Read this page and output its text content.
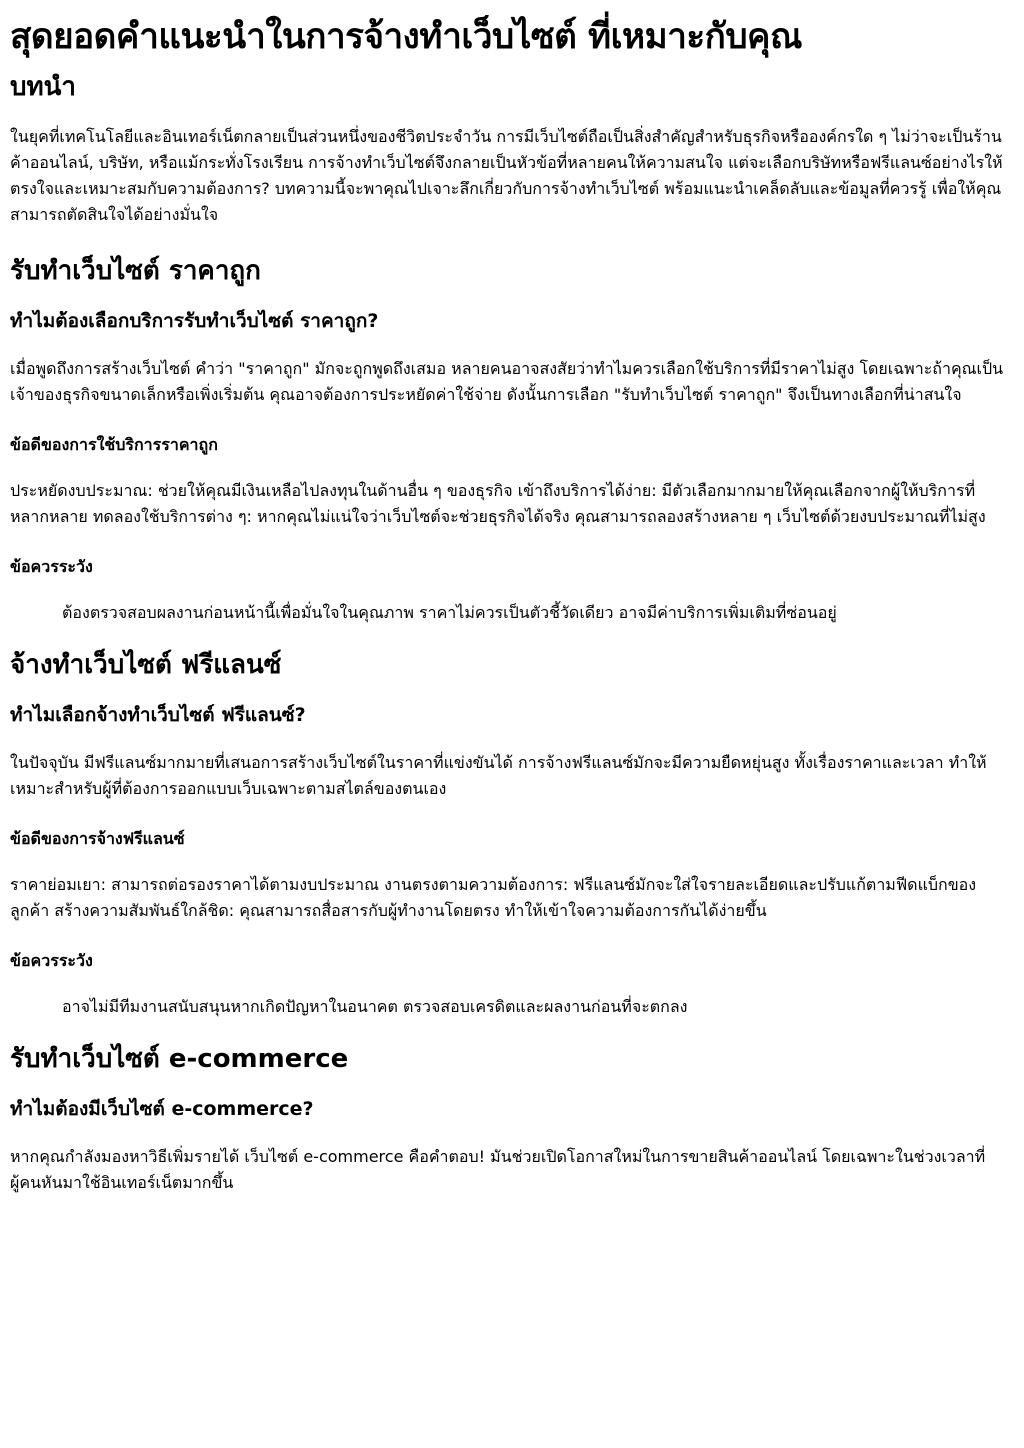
สุดยอดคำแนะนำในการจ้างทำเว็บไซต์ ที่เหมาะกับคุณ
บทนำ

ในยุคที่เทคโนโลยีและอินเทอร์เน็ตกลายเป็นส่วนหนึ่งของชีวิตประจำวัน การมีเว็บไซต์ถือเป็นสิ่งสำคัญสำหรับธุรกิจหรือองค์กรใด ๆ ไม่ว่าจะเป็นร้านค้าออนไลน์, บริษัท, หรือแม้กระทั่งโรงเรียน การจ้างทำเว็บไซต์จึงกลายเป็นหัวข้อที่หลายคนให้ความสนใจ แต่จะเลือกบริษัทหรือฟรีแลนซ์อย่างไรให้ตรงใจและเหมาะสมกับความต้องการ? บทความนี้จะพาคุณไปเจาะลึกเกี่ยวกับการจ้างทำเว็บไซต์ พร้อมแนะนำเคล็ดลับและข้อมูลที่ควรรู้ เพื่อให้คุณสามารถตัดสินใจได้อย่างมั่นใจ

รับทำเว็บไซต์ ราคาถูก
ทำไมต้องเลือกบริการรับทำเว็บไซต์ ราคาถูก?

เมื่อพูดถึงการสร้างเว็บไซต์ คำว่า "ราคาถูก" มักจะถูกพูดถึงเสมอ หลายคนอาจสงสัยว่าทำไมควรเลือกใช้บริการที่มีราคาไม่สูง โดยเฉพาะถ้าคุณเป็นเจ้าของธุรกิจขนาดเล็กหรือเพิ่งเริ่มต้น คุณอาจต้องการประหยัดค่าใช้จ่าย ดังนั้นการเลือก "รับทำเว็บไซต์ ราคาถูก" จึงเป็นทางเลือกที่น่าสนใจ

ข้อดีของการใช้บริการราคาถูก

ประหยัดงบประมาณ: ช่วยให้คุณมีเงินเหลือไปลงทุนในด้านอื่น ๆ ของธุรกิจ เข้าถึงบริการได้ง่าย: มีตัวเลือกมากมายให้คุณเลือกจากผู้ให้บริการที่หลากหลาย ทดลองใช้บริการต่าง ๆ: หากคุณไม่แน่ใจว่าเว็บไซต์จะช่วยธุรกิจได้จริง คุณสามารถลองสร้างหลาย ๆ เว็บไซต์ด้วยงบประมาณที่ไม่สูง

ข้อควรระวัง
ต้องตรวจสอบผลงานก่อนหน้านี้เพื่อมั่นใจในคุณภาพ ราคาไม่ควรเป็นตัวชี้วัดเดียว อาจมีค่าบริการเพิ่มเติมที่ซ่อนอยู่
จ้างทำเว็บไซต์ ฟรีแลนซ์
ทำไมเลือกจ้างทำเว็บไซต์ ฟรีแลนซ์?

ในปัจจุบัน มีฟรีแลนซ์มากมายที่เสนอการสร้างเว็บไซต์ในราคาที่แข่งขันได้ การจ้างฟรีแลนซ์มักจะมีความยืดหยุ่นสูง ทั้งเรื่องราคาและเวลา ทำให้เหมาะสำหรับผู้ที่ต้องการออกแบบเว็บเฉพาะตามสไตล์ของตนเอง

ข้อดีของการจ้างฟรีแลนซ์

ราคาย่อมเยา: สามารถต่อรองราคาได้ตามงบประมาณ งานตรงตามความต้องการ: ฟรีแลนซ์มักจะใส่ใจรายละเอียดและปรับแก้ตามฟีดแบ็กของลูกค้า สร้างความสัมพันธ์ใกล้ชิด: คุณสามารถสื่อสารกับผู้ทำงานโดยตรง ทำให้เข้าใจความต้องการกันได้ง่ายขึ้น

ข้อควรระวัง
อาจไม่มีทีมงานสนับสนุนหากเกิดปัญหาในอนาคต ตรวจสอบเครดิตและผลงานก่อนที่จะตกลง
รับทำเว็บไซต์ e-commerce
ทำไมต้องมีเว็บไซต์ e-commerce?

หากคุณกำลังมองหาวิธีเพิ่มรายได้ เว็บไซต์ e-commerce คือคำตอบ! มันช่วยเปิดโอกาสใหม่ในการขายสินค้าออนไลน์ โดยเฉพาะในช่วงเวลาที่ผู้คนหันมาใช้อินเทอร์เน็ตมากขึ้น
